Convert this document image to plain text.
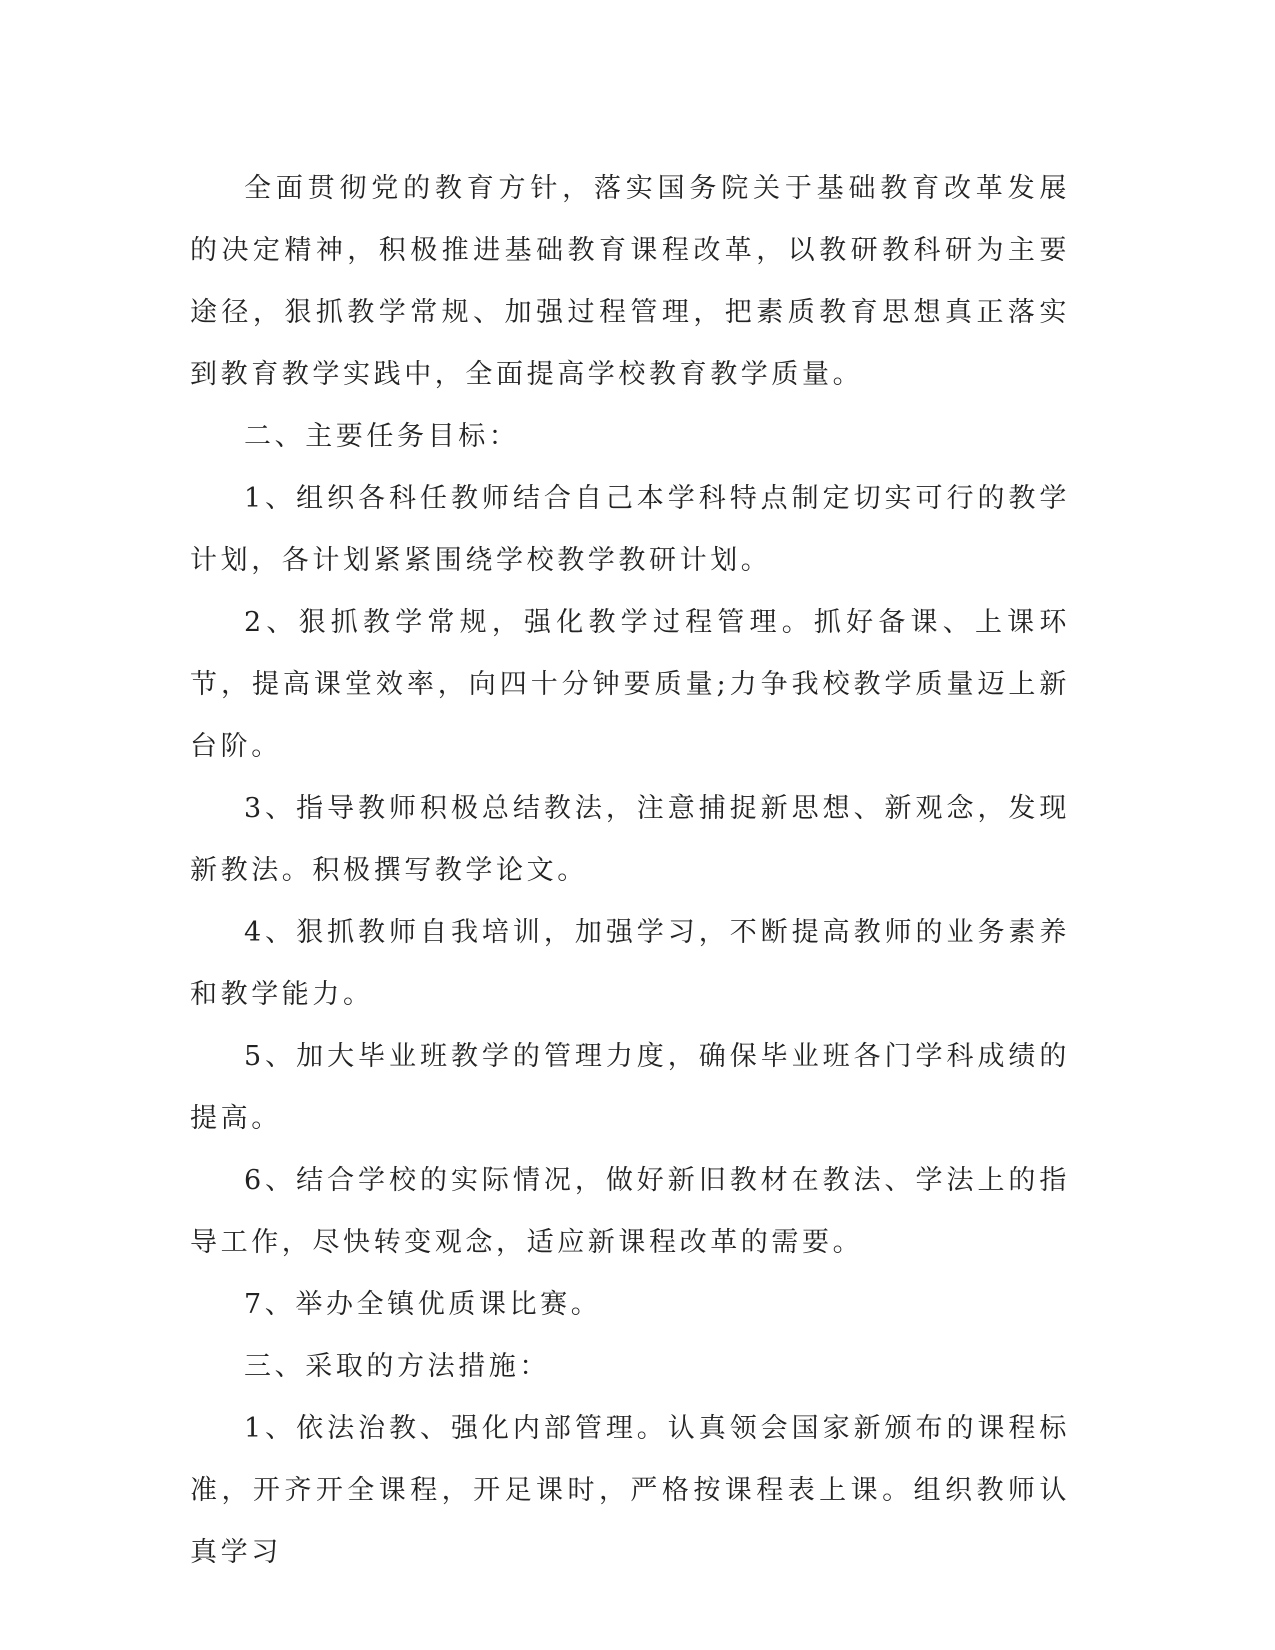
全面贯彻党的教育方针，落实国务院关于基础教育改革发展的决定精神，积极推进基础教育课程改革，以教研教科研为主要途径，狠抓教学常规、加强过程管理，把素质教育思想真正落实到教育教学实践中，全面提高学校教育教学质量。

二、主要任务目标：

1、组织各科任教师结合自己本学科特点制定切实可行的教学计划，各计划紧紧围绕学校教学教研计划。

2、狠抓教学常规，强化教学过程管理。抓好备课、上课环节，提高课堂效率，向四十分钟要质量;力争我校教学质量迈上新台阶。

3、指导教师积极总结教法，注意捕捉新思想、新观念，发现新教法。积极撰写教学论文。

4、狠抓教师自我培训，加强学习，不断提高教师的业务素养和教学能力。

5、加大毕业班教学的管理力度，确保毕业班各门学科成绩的提高。

6、结合学校的实际情况，做好新旧教材在教法、学法上的指导工作，尽快转变观念，适应新课程改革的需要。

7、举办全镇优质课比赛。

三、采取的方法措施：

1、依法治教、强化内部管理。认真领会国家新颁布的课程标准，开齐开全课程，开足课时，严格按课程表上课。组织教师认真学习
